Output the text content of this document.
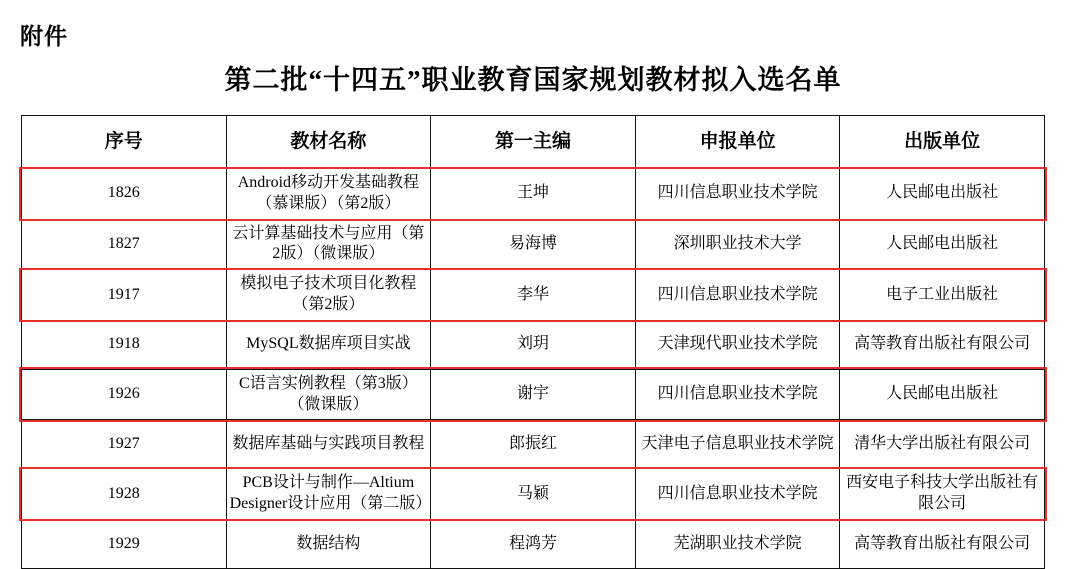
附件
第二批“十四五”职业教育国家规划教材拟入选名单
序号	教材名称	第一主编	申报单位	出版单位
1826	Android移动开发基础教程（慕课版）（第2版）	王坤	四川信息职业技术学院	人民邮电出版社
1827	云计算基础技术与应用（第2版）（微课版）	易海博	深圳职业技术大学	人民邮电出版社
1917	模拟电子技术项目化教程（第2版）	李华	四川信息职业技术学院	电子工业出版社
1918	MySQL数据库项目实战	刘玥	天津现代职业技术学院	高等教育出版社有限公司
1926	C语言实例教程（第3版）（微课版）	谢宇	四川信息职业技术学院	人民邮电出版社
1927	数据库基础与实践项目教程	郎振红	天津电子信息职业技术学院	清华大学出版社有限公司
1928	PCB设计与制作—Altium Designer设计应用（第二版）	马颖	四川信息职业技术学院	西安电子科技大学出版社有限公司
1929	数据结构	程鸿芳	芜湖职业技术学院	高等教育出版社有限公司
